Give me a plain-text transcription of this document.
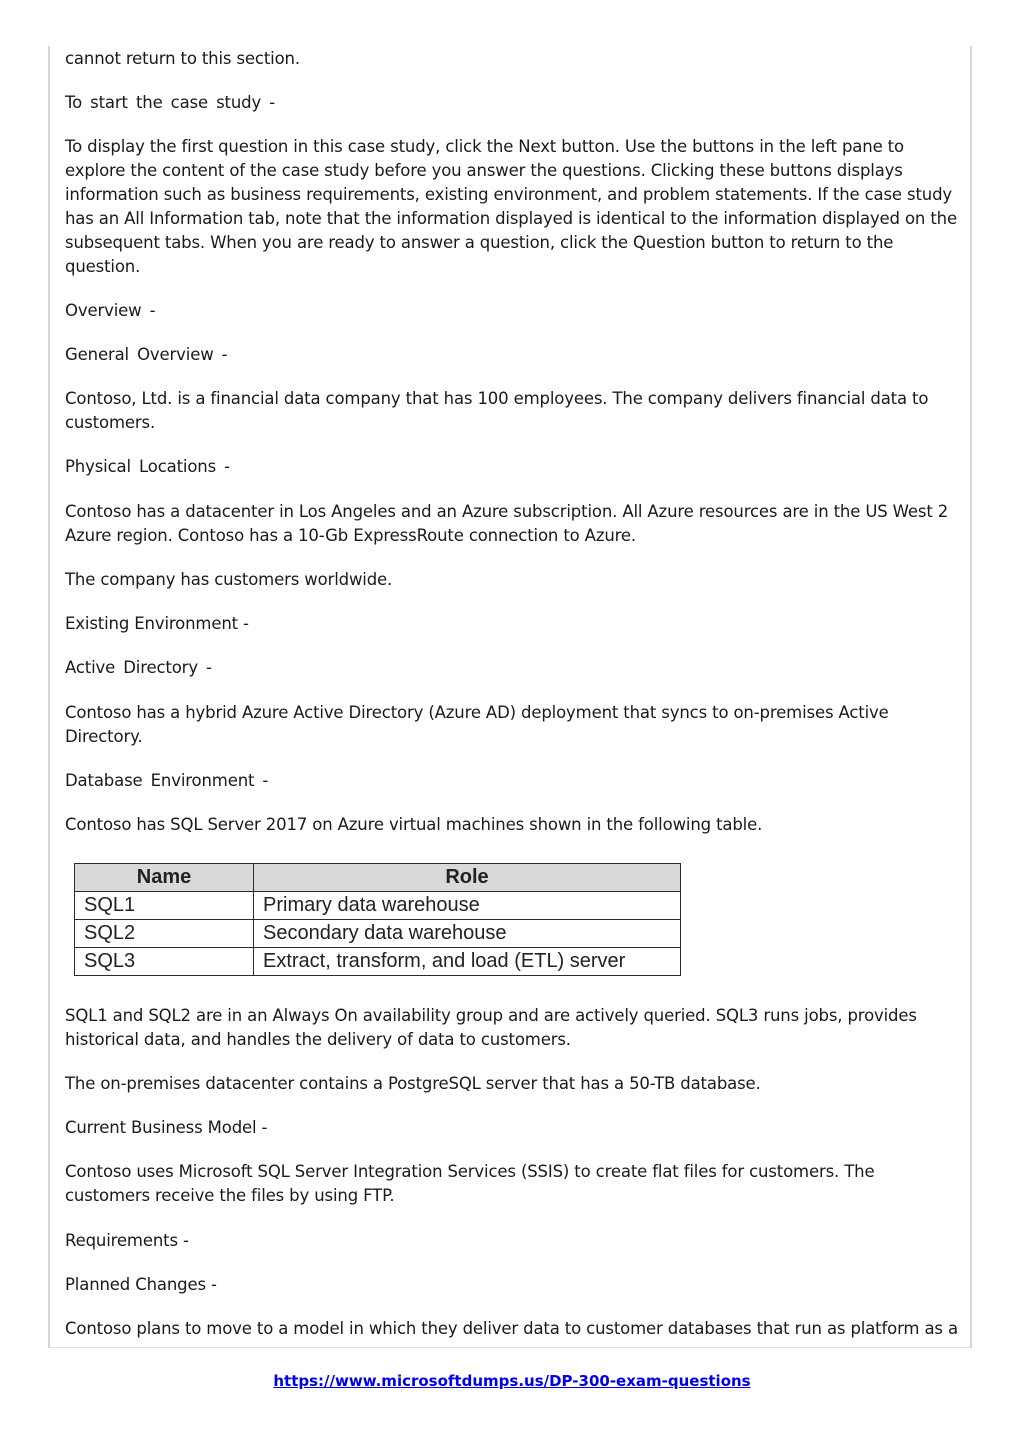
cannot return to this section.

To start the case study -

To display the first question in this case study, click the Next button. Use the buttons in the left pane to explore the content of the case study before you answer the questions. Clicking these buttons displays information such as business requirements, existing environment, and problem statements. If the case study has an All Information tab, note that the information displayed is identical to the information displayed on the subsequent tabs. When you are ready to answer a question, click the Question button to return to the question.

Overview -

General Overview -

Contoso, Ltd. is a financial data company that has 100 employees. The company delivers financial data to customers.

Physical Locations -

Contoso has a datacenter in Los Angeles and an Azure subscription. All Azure resources are in the US West 2 Azure region. Contoso has a 10-Gb ExpressRoute connection to Azure.

The company has customers worldwide.

Existing Environment -

Active Directory -

Contoso has a hybrid Azure Active Directory (Azure AD) deployment that syncs to on-premises Active Directory.

Database Environment -

Contoso has SQL Server 2017 on Azure virtual machines shown in the following table.

Name	Role
SQL1	Primary data warehouse
SQL2	Secondary data warehouse
SQL3	Extract, transform, and load (ETL) server

SQL1 and SQL2 are in an Always On availability group and are actively queried. SQL3 runs jobs, provides historical data, and handles the delivery of data to customers.

The on-premises datacenter contains a PostgreSQL server that has a 50-TB database.

Current Business Model -

Contoso uses Microsoft SQL Server Integration Services (SSIS) to create flat files for customers. The customers receive the files by using FTP.

Requirements -

Planned Changes -

Contoso plans to move to a model in which they deliver data to customer databases that run as platform as a

https://www.microsoftdumps.us/DP-300-exam-questions
